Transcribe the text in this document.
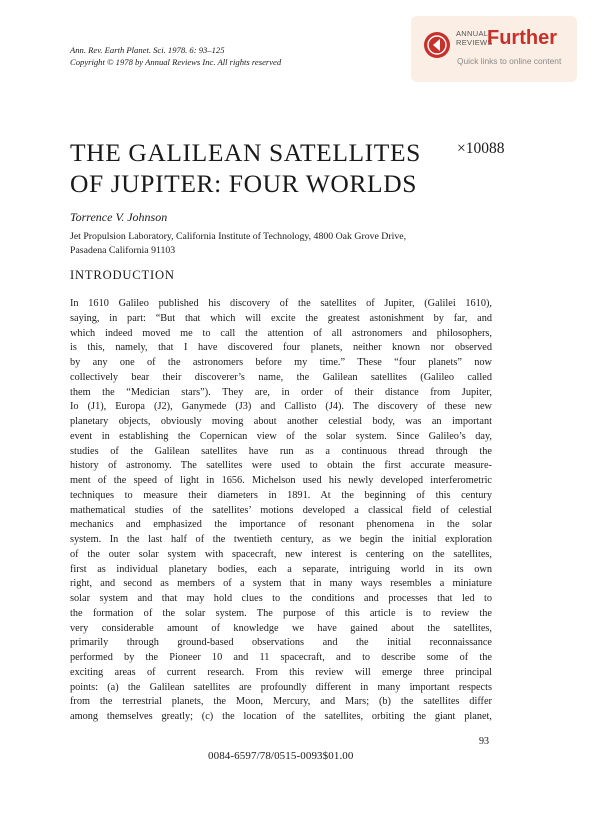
Ann. Rev. Earth Planet. Sci. 1978. 6: 93–125
Copyright © 1978 by Annual Reviews Inc. All rights reserved
ANNUAL
REVIEWS
Further
Quick links to online content
THE GALILEAN SATELLITES
OF JUPITER: FOUR WORLDS
×10088
Torrence V. Johnson
Jet Propulsion Laboratory, California Institute of Technology, 4800 Oak Grove Drive,
Pasadena California 91103
INTRODUCTION
In 1610 Galileo published his discovery of the satellites of Jupiter, (Galilei 1610),
saying, in part: “But that which will excite the greatest astonishment by far, and
which indeed moved me to call the attention of all astronomers and philosophers,
is this, namely, that I have discovered four planets, neither known nor observed
by any one of the astronomers before my time.” These “four planets” now
collectively bear their discoverer’s name, the Galilean satellites (Galileo called
them the “Medician stars”). They are, in order of their distance from Jupiter,
Io (J1), Europa (J2), Ganymede (J3) and Callisto (J4). The discovery of these new
planetary objects, obviously moving about another celestial body, was an important
event in establishing the Copernican view of the solar system. Since Galileo’s day,
studies of the Galilean satellites have run as a continuous thread through the
history of astronomy. The satellites were used to obtain the first accurate measure-
ment of the speed of light in 1656. Michelson used his newly developed interferometric
techniques to measure their diameters in 1891. At the beginning of this century
mathematical studies of the satellites’ motions developed a classical field of celestial
mechanics and emphasized the importance of resonant phenomena in the solar
system. In the last half of the twentieth century, as we begin the initial exploration
of the outer solar system with spacecraft, new interest is centering on the satellites,
first as individual planetary bodies, each a separate, intriguing world in its own
right, and second as members of a system that in many ways resembles a miniature
solar system and that may hold clues to the conditions and processes that led to
the formation of the solar system. The purpose of this article is to review the
very considerable amount of knowledge we have gained about the satellites,
primarily through ground-based observations and the initial reconnaissance
performed by the Pioneer 10 and 11 spacecraft, and to describe some of the
exciting areas of current research. From this review will emerge three principal
points: (a) the Galilean satellites are profoundly different in many important respects
from the terrestrial planets, the Moon, Mercury, and Mars; (b) the satellites differ
among themselves greatly; (c) the location of the satellites, orbiting the giant planet,
93
0084-6597/78/0515-0093$01.00
